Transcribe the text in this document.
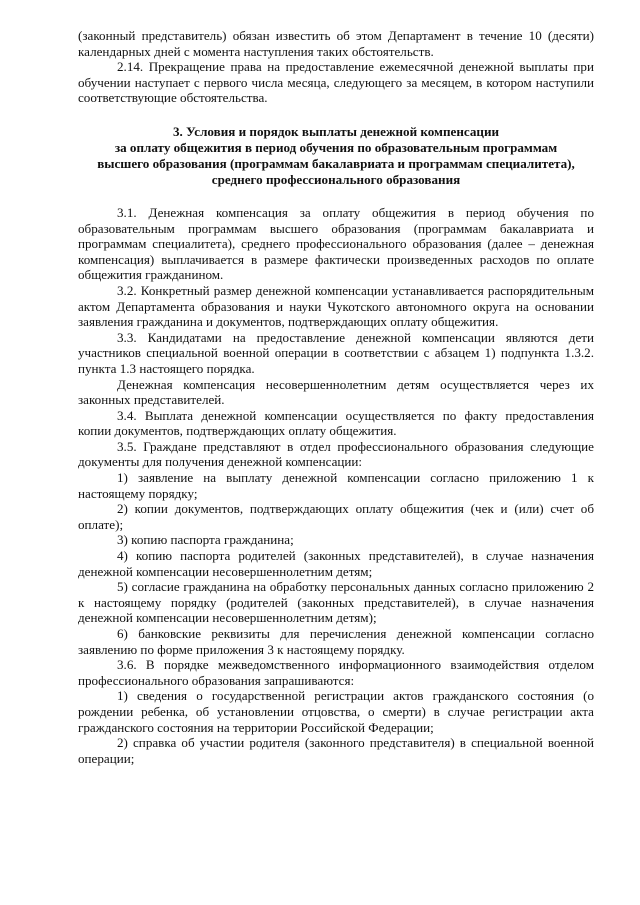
(законный представитель) обязан известить об этом Департамент в течение 10 (десяти) календарных дней с момента наступления таких обстоятельств.

2.14. Прекращение права на предоставление ежемесячной денежной выплаты при обучении наступает с первого числа месяца, следующего за месяцем, в котором наступили соответствующие обстоятельства.

3. Условия и порядок выплаты денежной компенсации
за оплату общежития в период обучения по образовательным программам
высшего образования (программам бакалавриата и программам специалитета),
среднего профессионального образования

3.1. Денежная компенсация за оплату общежития в период обучения по образовательным программам высшего образования (программам бакалавриата и программам специалитета), среднего профессионального образования (далее – денежная компенсация) выплачивается в размере фактически произведенных расходов по оплате общежития гражданином.

3.2. Конкретный размер денежной компенсации устанавливается распорядительным актом Департамента образования и науки Чукотского автономного округа на основании заявления гражданина и документов, подтверждающих оплату общежития.

3.3. Кандидатами на предоставление денежной компенсации являются дети участников специальной военной операции в соответствии с абзацем 1) подпункта 1.3.2. пункта 1.3 настоящего порядка.

Денежная компенсация несовершеннолетним детям осуществляется через их законных представителей.

3.4. Выплата денежной компенсации осуществляется по факту предоставления копии документов, подтверждающих оплату общежития.

3.5. Граждане представляют в отдел профессионального образования следующие документы для получения денежной компенсации:

1) заявление на выплату денежной компенсации согласно приложению 1 к настоящему порядку;

2) копии документов, подтверждающих оплату общежития (чек и (или) счет об оплате);

3) копию паспорта гражданина;

4) копию паспорта родителей (законных представителей), в случае назначения денежной компенсации несовершеннолетним детям;

5) согласие гражданина на обработку персональных данных согласно приложению 2 к настоящему порядку (родителей (законных представителей), в случае назначения денежной компенсации несовершеннолетним детям);

6) банковские реквизиты для перечисления денежной компенсации согласно заявлению по форме приложения 3 к настоящему порядку.

3.6. В порядке межведомственного информационного взаимодействия отделом профессионального образования запрашиваются:

1) сведения о государственной регистрации актов гражданского состояния (о рождении ребенка, об установлении отцовства, о смерти) в случае регистрации акта гражданского состояния на территории Российской Федерации;

2) справка об участии родителя (законного представителя) в специальной военной операции;
